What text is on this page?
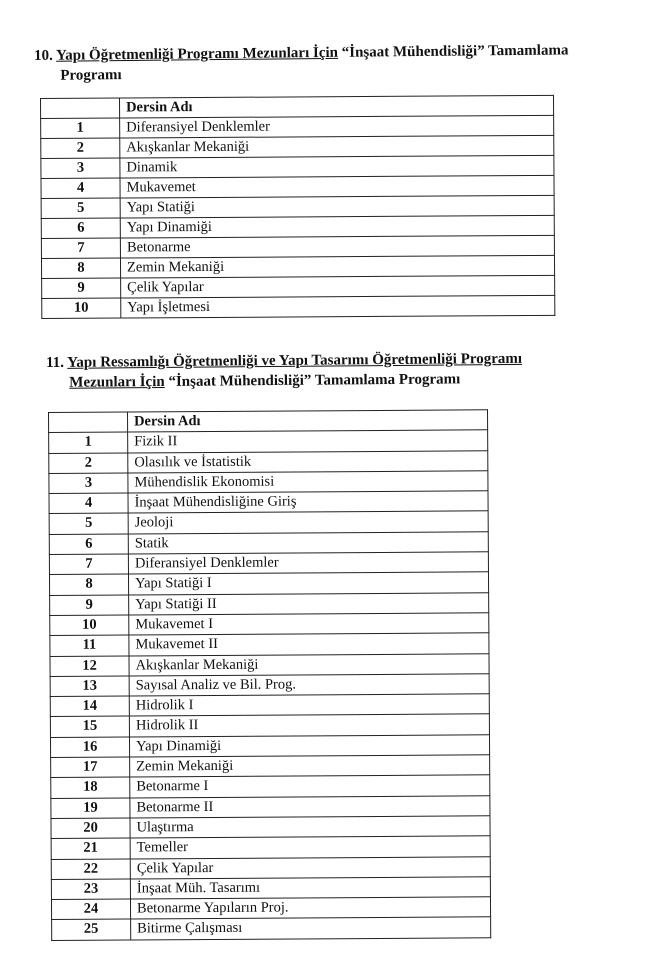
10. Yapı Öğretmenliği Programı Mezunları İçin “İnşaat Mühendisliği” Tamamlama
Programı
	Dersin Adı
1	Diferansiyel Denklemler
2	Akışkanlar Mekaniği
3	Dinamik
4	Mukavemet
5	Yapı Statiği
6	Yapı Dinamiği
7	Betonarme
8	Zemin Mekaniği
9	Çelik Yapılar
10	Yapı İşletmesi
11. Yapı Ressamlığı Öğretmenliği ve Yapı Tasarımı Öğretmenliği Programı
Mezunları İçin “İnşaat Mühendisliği” Tamamlama Programı
	Dersin Adı
1	Fizik II
2	Olasılık ve İstatistik
3	Mühendislik Ekonomisi
4	İnşaat Mühendisliğine Giriş
5	Jeoloji
6	Statik
7	Diferansiyel Denklemler
8	Yapı Statiği I
9	Yapı Statiği II
10	Mukavemet I
11	Mukavemet II
12	Akışkanlar Mekaniği
13	Sayısal Analiz ve Bil. Prog.
14	Hidrolik I
15	Hidrolik II
16	Yapı Dinamiği
17	Zemin Mekaniği
18	Betonarme I
19	Betonarme II
20	Ulaştırma
21	Temeller
22	Çelik Yapılar
23	İnşaat Müh. Tasarımı
24	Betonarme Yapıların Proj.
25	Bitirme Çalışması
